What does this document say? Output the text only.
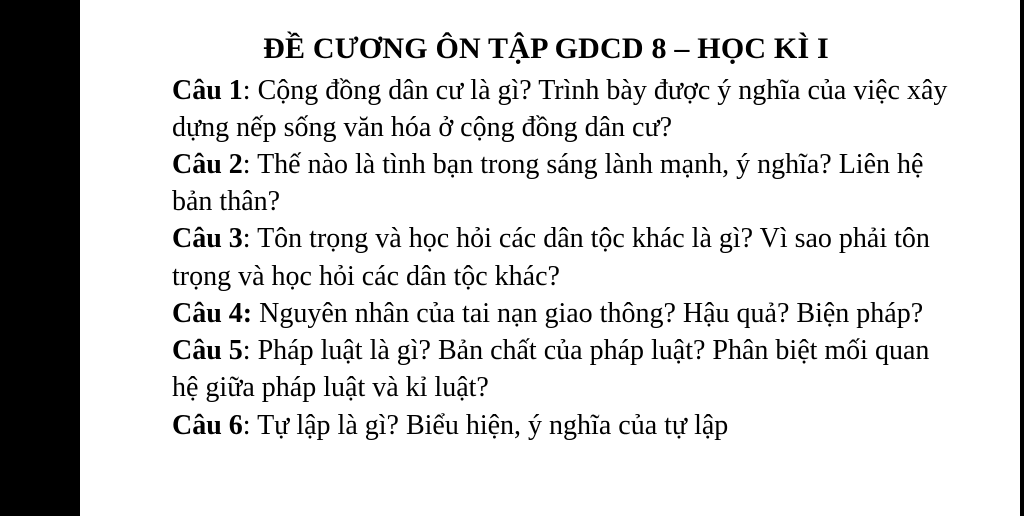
ĐỀ CƯƠNG ÔN TẬP GDCD 8 – HỌC KÌ I

Câu 1: Cộng đồng dân cư là gì? Trình bày được ý nghĩa của việc xây dựng nếp sống văn hóa ở cộng đồng dân cư?

Câu 2: Thế nào là tình bạn trong sáng lành mạnh, ý nghĩa? Liên hệ bản thân?

Câu 3: Tôn trọng và học hỏi các dân tộc khác là gì? Vì sao phải tôn trọng và học hỏi các dân tộc khác?

Câu 4: Nguyên nhân của tai nạn giao thông? Hậu quả? Biện pháp?

Câu 5: Pháp luật là gì? Bản chất của pháp luật? Phân biệt mối quan hệ giữa pháp luật và kỉ luật?

Câu 6: Tự lập là gì? Biểu hiện, ý nghĩa của tự lập
